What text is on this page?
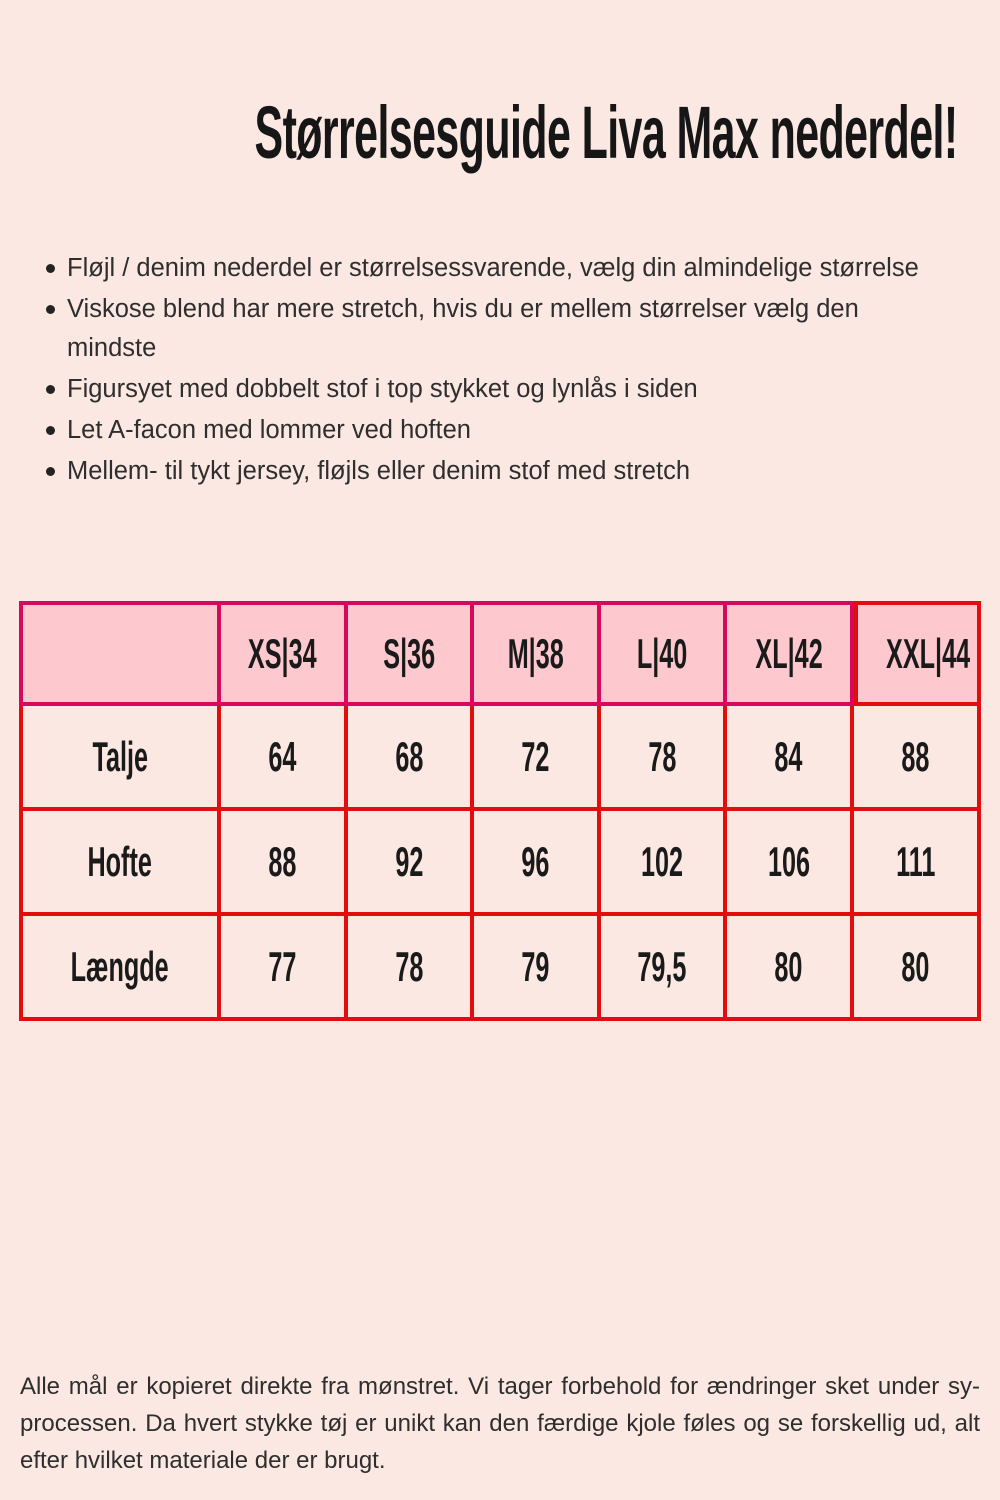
Størrelsesguide Liva Max nederdel!
Fløjl / denim nederdel er størrelsessvarende, vælg din almindelige størrelse
Viskose blend har mere stretch, hvis du er mellem størrelser vælg den mindste
Figursyet med dobbelt stof i top stykket og lynlås i siden
Let A-facon med lommer ved hoften
Mellem- til tykt jersey, fløjls eller denim stof med stretch
	XS|34	S|36	M|38	L|40	XL|42	XXL|44
Talje	64	68	72	78	84	88
Hofte	88	92	96	102	106	111
Længde	77	78	79	79,5	80	80

Alle mål er kopieret direkte fra mønstret. Vi tager forbehold for ændringer sket under sy-processen. Da hvert stykke tøj er unikt kan den færdige kjole føles og se forskellig ud, alt efter hvilket materiale der er brugt.
